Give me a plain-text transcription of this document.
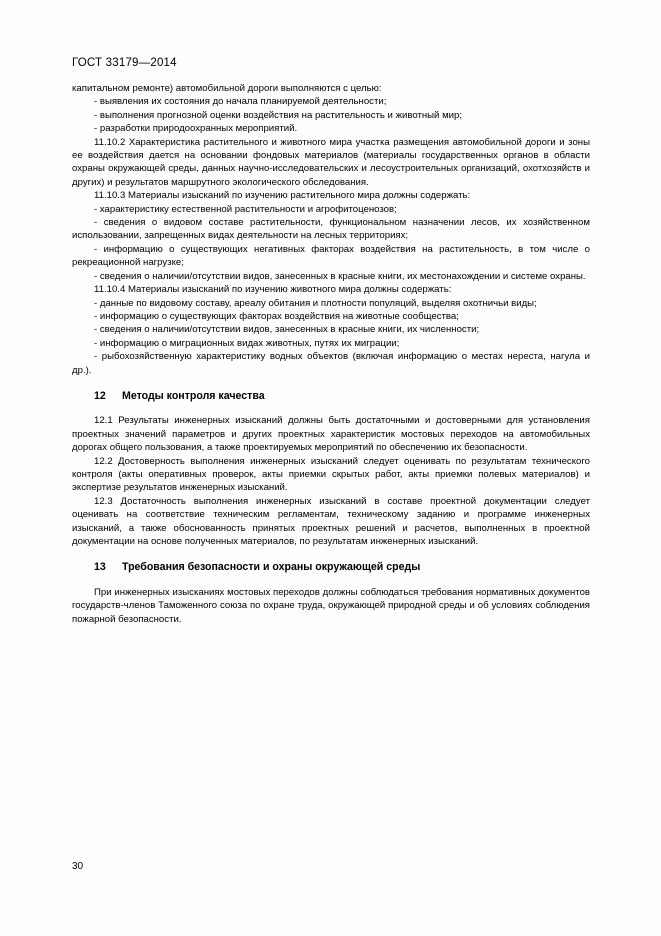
ГОСТ 33179—2014

капитальном ремонте) автомобильной дороги выполняются с целью:

- выявления их состояния до начала планируемой деятельности;

- выполнения прогнозной оценки воздействия на растительность и животный мир;

- разработки природоохранных мероприятий.

11.10.2 Характеристика растительного и животного мира участка размещения автомобильной дороги и зоны ее воздействия дается на основании фондовых материалов (материалы государственных органов в области охраны окружающей среды, данных научно-исследовательских и лесоустроительных организаций, охотхозяйств и других) и результатов маршрутного экологического обследования.

11.10.3 Материалы изысканий по изучению растительного мира должны содержать:

- характеристику естественной растительности и агрофитоценозов;

- сведения о видовом составе растительности, функциональном назначении лесов, их хозяйственном использовании, запрещенных видах деятельности на лесных территориях;

- информацию о существующих негативных факторах воздействия на растительность, в том числе о рекреационной нагрузке;

- сведения о наличии/отсутствии видов, занесенных в красные книги, их местонахождении и системе охраны.

11.10.4 Материалы изысканий по изучению животного мира должны содержать:

- данные по видовому составу, ареалу обитания и плотности популяций, выделяя охотничьи виды;

- информацию о существующих факторах воздействия на животные сообщества;

- сведения о наличии/отсутствии видов, занесенных в красные книги, их численности;

- информацию о миграционных видах животных, путях их миграции;

- рыбохозяйственную характеристику водных объектов (включая информацию о местах нереста, нагула и др.).

12 Методы контроля качества

12.1 Результаты инженерных изысканий должны быть достаточными и достоверными для установления проектных значений параметров и других проектных характеристик мостовых переходов на автомобильных дорогах общего пользования, а также проектируемых мероприятий по обеспечению их безопасности.

12.2 Достоверность выполнения инженерных изысканий следует оценивать по результатам технического контроля (акты оперативных проверок, акты приемки скрытых работ, акты приемки полевых материалов) и экспертизе результатов инженерных изысканий.

12.3 Достаточность выполнения инженерных изысканий в составе проектной документации следует оценивать на соответствие техническим регламентам, техническому заданию и программе инженерных изысканий, а также обоснованность принятых проектных решений и расчетов, выполненных в проектной документации на основе полученных материалов, по результатам инженерных изысканий.

13 Требования безопасности и охраны окружающей среды

При инженерных изысканиях мостовых переходов должны соблюдаться требования нормативных документов государств-членов Таможенного союза по охране труда, окружающей природной среды и об условиях соблюдения пожарной безопасности.

30
